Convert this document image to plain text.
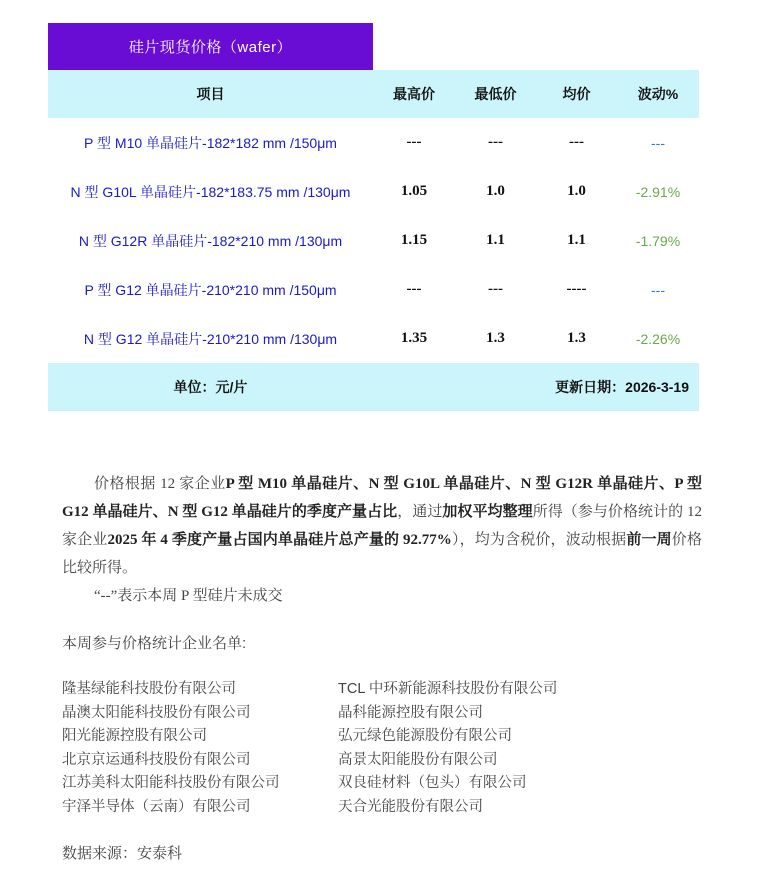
硅片现货价格（wafer）
项目	最高价	最低价	均价	波动%
P 型 M10 单晶硅片-182*182 mm /150μm	---	---	---	---
N 型 G10L 单晶硅片-182*183.75 mm /130μm	1.05	1.0	1.0	-2.91%
N 型 G12R 单晶硅片-182*210 mm /130μm	1.15	1.1	1.1	-1.79%
P 型 G12 单晶硅片-210*210 mm /150μm	---	---	----	---
N 型 G12 单晶硅片-210*210 mm /130μm	1.35	1.3	1.3	-2.26%
单位：元/片	更新日期：2026-3-19			

价格根据 12 家企业P 型 M10 单晶硅片、N 型 G10L 单晶硅片、N 型 G12R 单晶硅片、P 型 G12 单晶硅片、N 型 G12 单晶硅片的季度产量占比，通过加权平均整理所得（参与价格统计的 12 家企业2025 年 4 季度产量占国内单晶硅片总产量的 92.77%），均为含税价，波动根据前一周价格比较所得。

“--”表示本周 P 型硅片未成交
本周参与价格统计企业名单:
隆基绿能科技股份有限公司	TCL 中环新能源科技股份有限公司
晶澳太阳能科技股份有限公司	晶科能源控股有限公司
阳光能源控股有限公司	弘元绿色能源股份有限公司
北京京运通科技股份有限公司	高景太阳能股份有限公司
江苏美科太阳能科技股份有限公司	双良硅材料（包头）有限公司
宇泽半导体（云南）有限公司	天合光能股份有限公司
数据来源：安泰科
